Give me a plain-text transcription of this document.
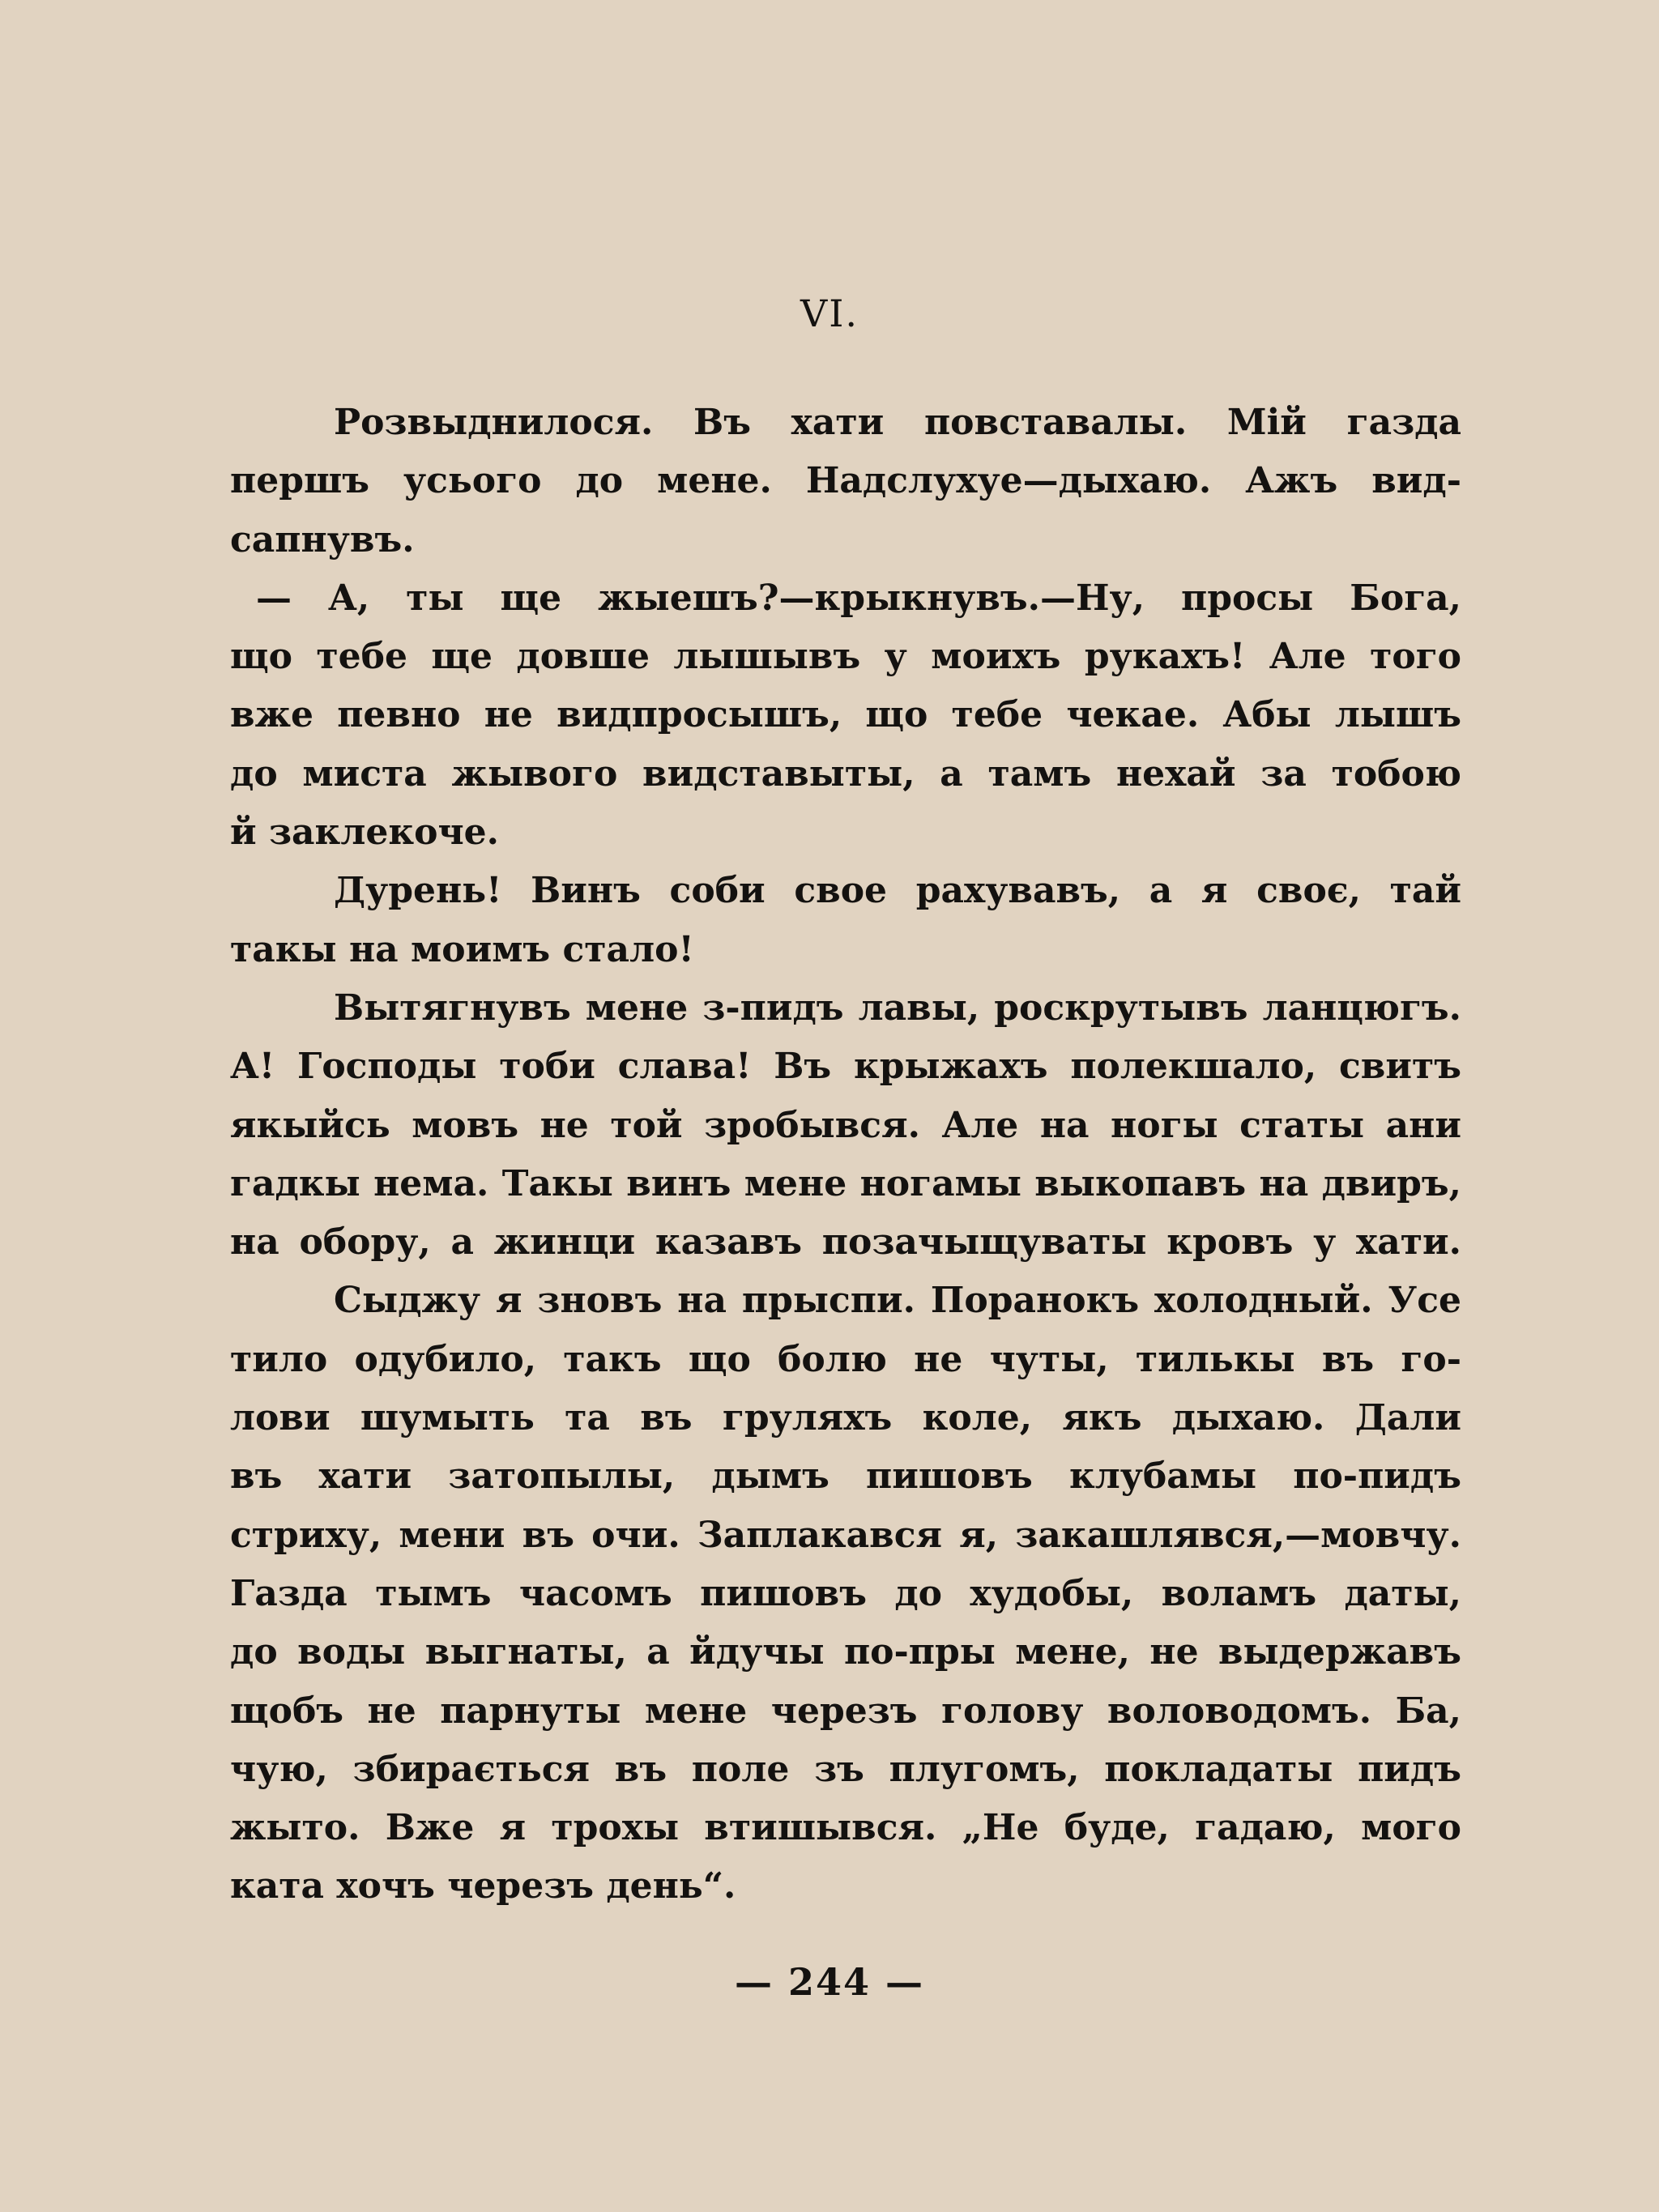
VI.
Розвыднилося. Въ хати повставалы. Мій газда
першъ усього до мене. Надслухуе—дыхаю. Ажъ вид-
сапнувъ.
— А, ты ще жыешъ?—крыкнувъ.—Ну, просы Бога,
що тебе ще довше лышывъ у моихъ рукахъ! Але того
вже певно не видпросышъ, що тебе чекае. Абы лышъ
до миста жывого видставыты, а тамъ нехай за тобою
й заклекоче.
Дурень! Винъ соби свое рахувавъ, а я своє, тай
такы на моимъ стало!
Вытягнувъ мене з-пидъ лавы, роскрутывъ ланцюгъ.
А! Господы тоби слава! Въ крыжахъ полекшало, свитъ
якыйсь мовъ не той зробывся. Але на ногы статы ани
гадкы нема. Такы винъ мене ногамы выкопавъ на двиръ,
на обору, а жинци казавъ позачыщуваты кровъ у хати.
Сыджу я зновъ на прыспи. Поранокъ холодный. Усе
тило одубило, такъ що болю не чуты, тилькы въ го-
лови шумыть та въ груляхъ коле, якъ дыхаю. Дали
въ хати затопылы, дымъ пишовъ клубамы по-пидъ
стриху, мени въ очи. Заплакався я, закашлявся,—мовчу.
Газда тымъ часомъ пишовъ до худобы, воламъ даты,
до воды выгнаты, а йдучы по-пры мене, не выдержавъ
щобъ не парнуты мене черезъ голову воловодомъ. Ба,
чую, збирається въ поле зъ плугомъ, покладаты пидъ
жыто. Вже я трохы втишывся. „Не буде, гадаю, мого
ката хочъ черезъ день“.
— 244 —
